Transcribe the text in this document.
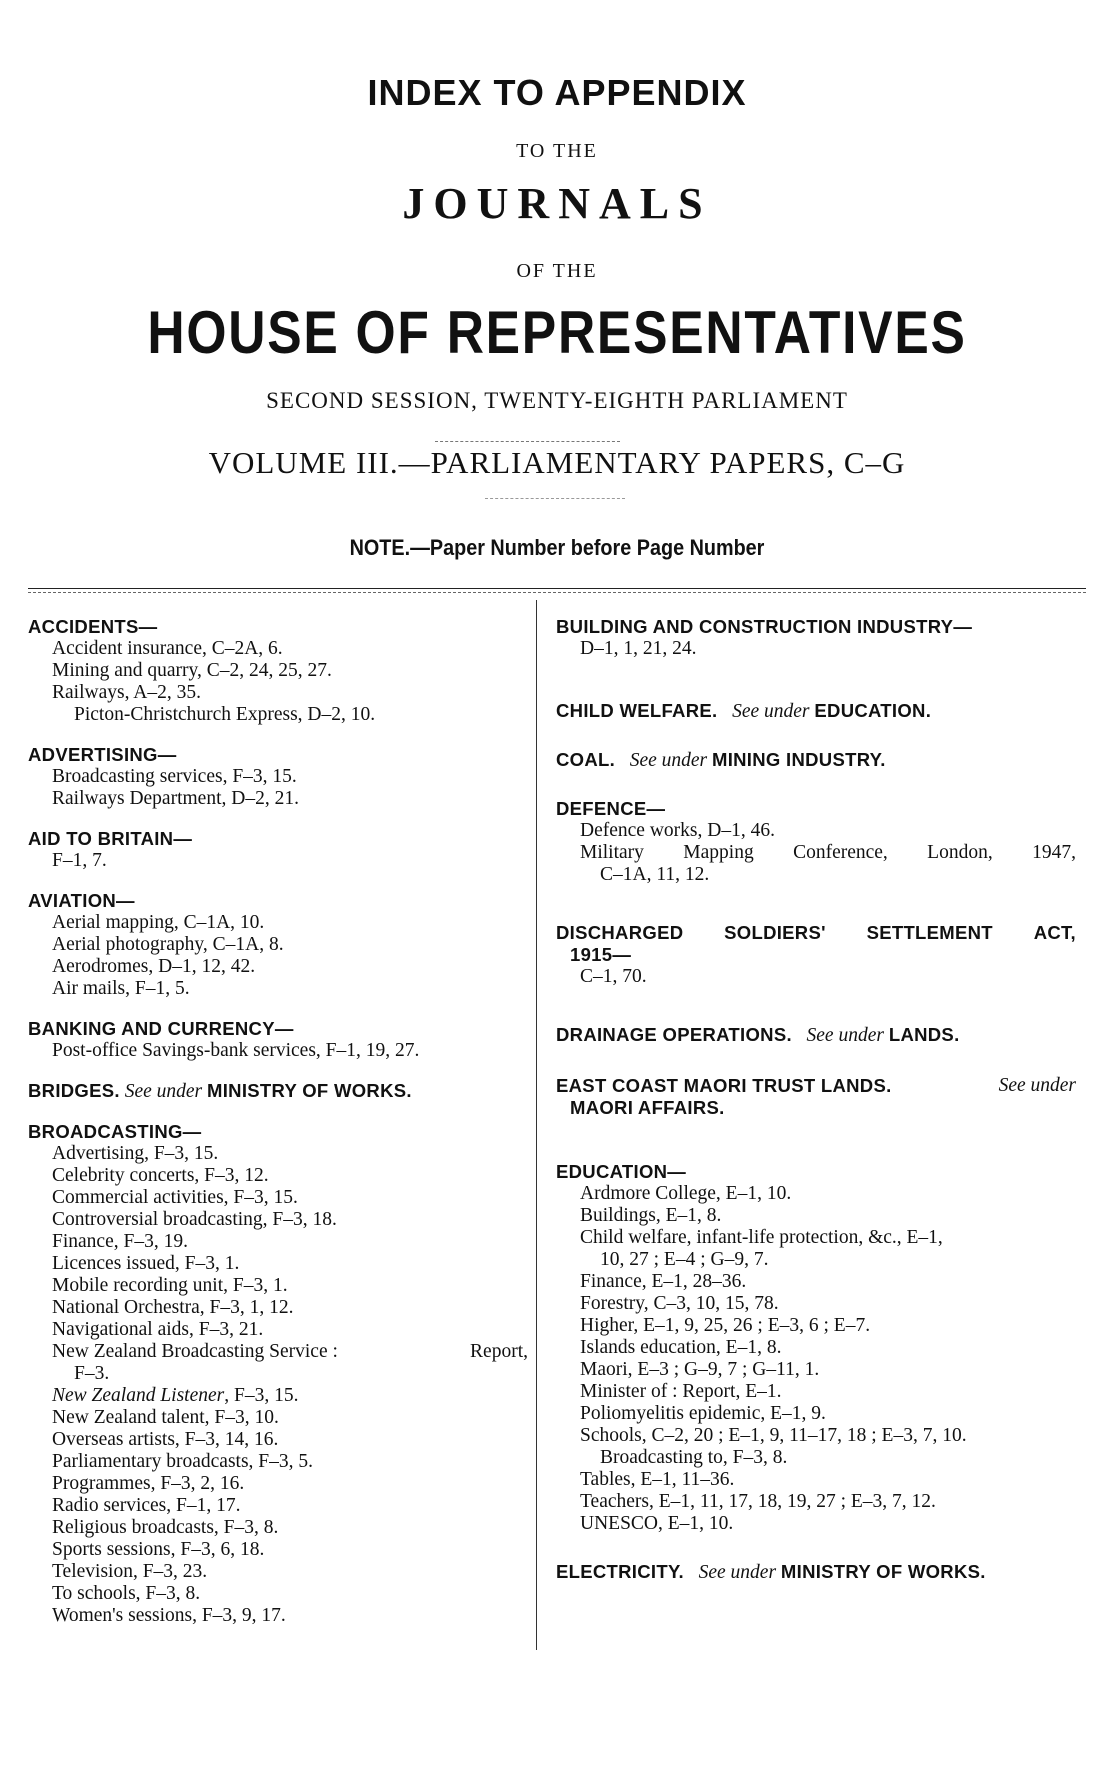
INDEX TO APPENDIX
TO THE
JOURNALS
OF THE
HOUSE OF REPRESENTATIVES
SECOND SESSION, TWENTY-EIGHTH PARLIAMENT
VOLUME III.—PARLIAMENTARY PAPERS, C–G
NOTE.—Paper Number before Page Number
ACCIDENTS—
Accident insurance, C–2A, 6.
Mining and quarry, C–2, 24, 25, 27.
Railways, A–2, 35.
Picton-Christchurch Express, D–2, 10.
ADVERTISING—
Broadcasting services, F–3, 15.
Railways Department, D–2, 21.
AID TO BRITAIN—
F–1, 7.
AVIATION—
Aerial mapping, C–1A, 10.
Aerial photography, C–1A, 8.
Aerodromes, D–1, 12, 42.
Air mails, F–1, 5.
BANKING AND CURRENCY—
Post-office Savings-bank services, F–1, 19, 27.
BRIDGES. See under MINISTRY OF WORKS.
BROADCASTING—
Advertising, F–3, 15.
Celebrity concerts, F–3, 12.
Commercial activities, F–3, 15.
Controversial broadcasting, F–3, 18.
Finance, F–3, 19.
Licences issued, F–3, 1.
Mobile recording unit, F–3, 1.
National Orchestra, F–3, 1, 12.
Navigational aids, F–3, 21.
New Zealand Broadcasting Service :	Report,
F–3.
New Zealand Listener, F–3, 15.
New Zealand talent, F–3, 10.
Overseas artists, F–3, 14, 16.
Parliamentary broadcasts, F–3, 5.
Programmes, F–3, 2, 16.
Radio services, F–1, 17.
Religious broadcasts, F–3, 8.
Sports sessions, F–3, 6, 18.
Television, F–3, 23.
To schools, F–3, 8.
Women's sessions, F–3, 9, 17.
BUILDING AND CONSTRUCTION INDUSTRY—
D–1, 1, 21, 24.
CHILD WELFARE. See under EDUCATION.
COAL. See under MINING INDUSTRY.
DEFENCE—
Defence works, D–1, 46.
Military Mapping Conference, London, 1947,
C–1A, 11, 12.
DISCHARGED SOLDIERS' SETTLEMENT ACT,
1915—
C–1, 70.
DRAINAGE OPERATIONS. See under LANDS.
EAST COAST MAORI TRUST LANDS.	See under
MAORI AFFAIRS.
EDUCATION—
Ardmore College, E–1, 10.
Buildings, E–1, 8.
Child welfare, infant-life protection, &c., E–1,
10, 27 ; E–4 ; G–9, 7.
Finance, E–1, 28–36.
Forestry, C–3, 10, 15, 78.
Higher, E–1, 9, 25, 26 ; E–3, 6 ; E–7.
Islands education, E–1, 8.
Maori, E–3 ; G–9, 7 ; G–11, 1.
Minister of : Report, E–1.
Poliomyelitis epidemic, E–1, 9.
Schools, C–2, 20 ; E–1, 9, 11–17, 18 ; E–3, 7, 10.
Broadcasting to, F–3, 8.
Tables, E–1, 11–36.
Teachers, E–1, 11, 17, 18, 19, 27 ; E–3, 7, 12.
UNESCO, E–1, 10.
ELECTRICITY. See under MINISTRY OF WORKS.
